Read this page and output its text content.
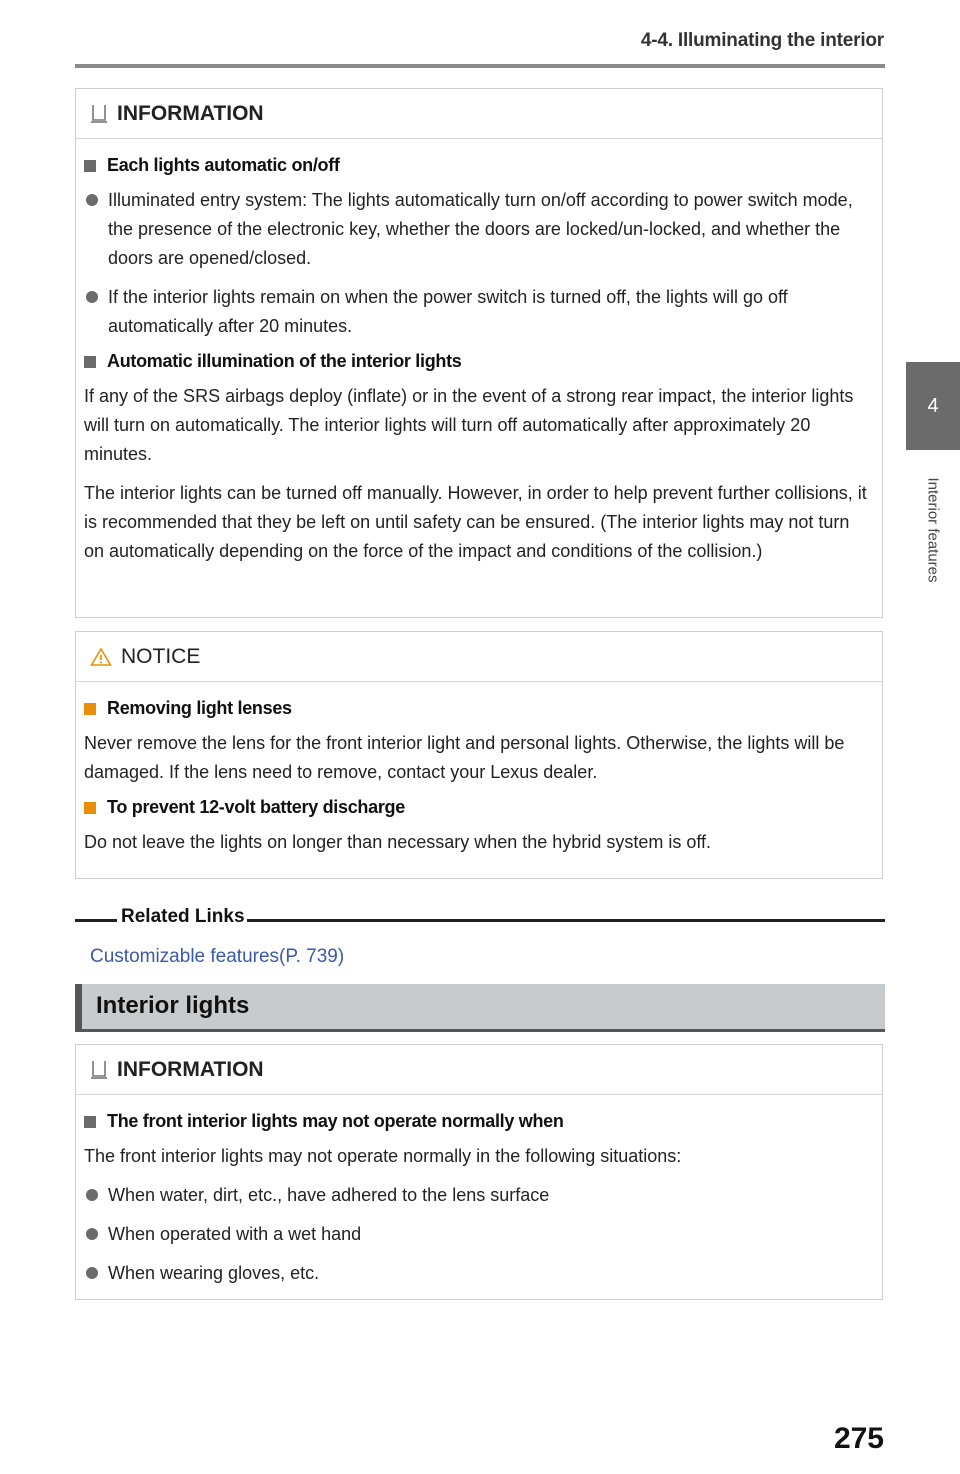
4-4. Illuminating the interior
4
Interior features
INFORMATION
Each lights automatic on/off
Illuminated entry system: The lights automatically turn on/off according to power switch mode, the presence of the electronic key, whether the doors are locked/un-locked, and whether the doors are opened/closed.
If the interior lights remain on when the power switch is turned off, the lights will go off automatically after 20 minutes.
Automatic illumination of the interior lights

If any of the SRS airbags deploy (inflate) or in the event of a strong rear impact, the interior lights will turn on automatically. The interior lights will turn off automatically after approximately 20 minutes.

The interior lights can be turned off manually. However, in order to help prevent further collisions, it is recommended that they be left on until safety can be ensured. (The interior lights may not turn on automatically depending on the force of the impact and conditions of the collision.)

NOTICE
Removing light lenses

Never remove the lens for the front interior light and personal lights. Otherwise, the lights will be damaged. If the lens need to remove, contact your Lexus dealer.

To prevent 12-volt battery discharge

Do not leave the lights on longer than necessary when the hybrid system is off.

Related Links
Customizable features(P. 739)
Interior lights
INFORMATION
The front interior lights may not operate normally when

The front interior lights may not operate normally in the following situations:

When water, dirt, etc., have adhered to the lens surface
When operated with a wet hand
When wearing gloves, etc.
275
